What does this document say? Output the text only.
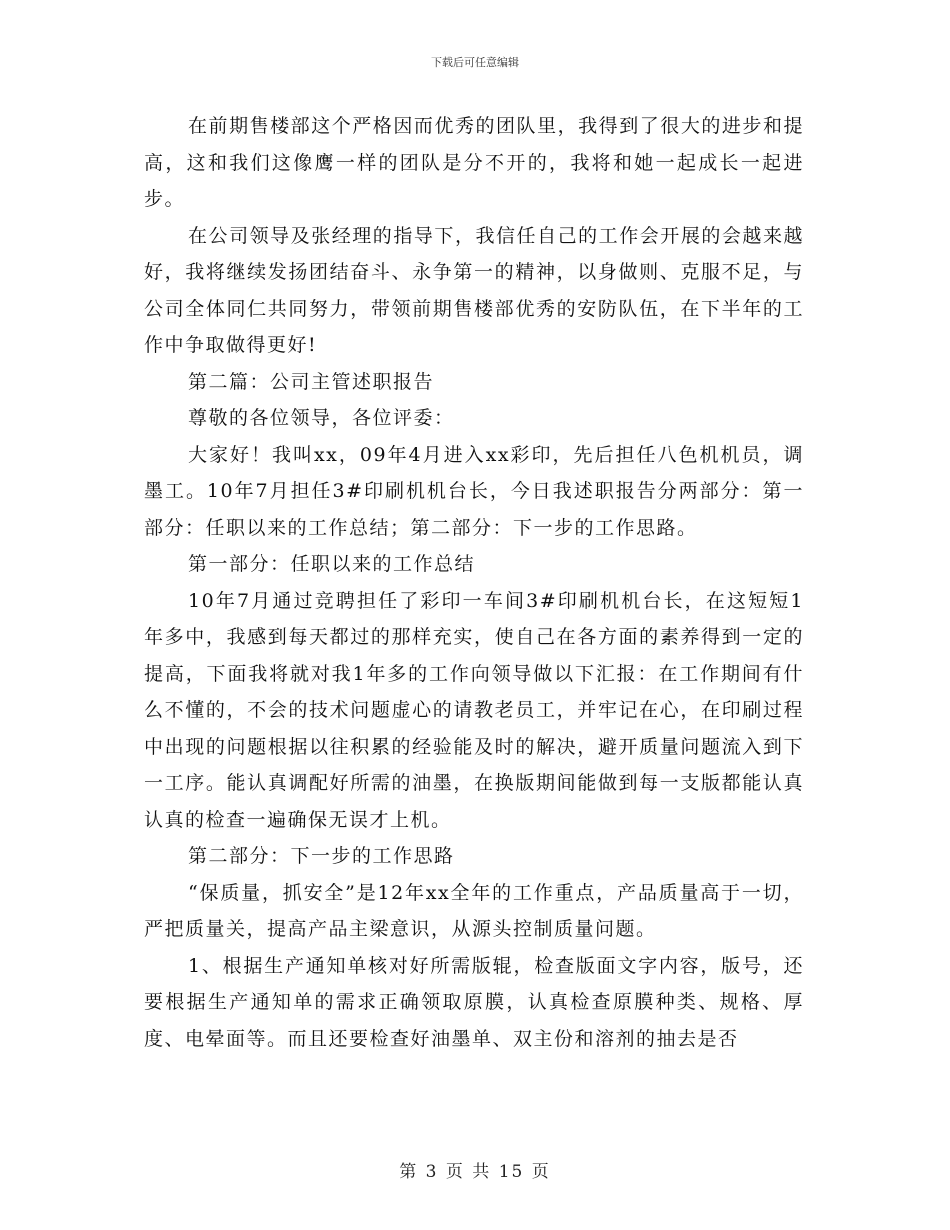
下载后可任意编辑

在前期售楼部这个严格因而优秀的团队里，我得到了很大的进步和提高，这和我们这像鹰一样的团队是分不开的，我将和她一起成长一起进步。

在公司领导及张经理的指导下，我信任自己的工作会开展的会越来越好，我将继续发扬团结奋斗、永争第一的精神，以身做则、克服不足，与公司全体同仁共同努力，带领前期售楼部优秀的安防队伍，在下半年的工作中争取做得更好!

第二篇：公司主管述职报告

尊敬的各位领导，各位评委：

大家好！我叫xx，09年4月进入xx彩印，先后担任八色机机员，调墨工。10年7月担任3#印刷机机台长，今日我述职报告分两部分：第一部分：任职以来的工作总结；第二部分：下一步的工作思路。

第一部分：任职以来的工作总结

10年7月通过竞聘担任了彩印一车间3#印刷机机台长，在这短短1年多中，我感到每天都过的那样充实，使自己在各方面的素养得到一定的提高，下面我将就对我1年多的工作向领导做以下汇报：在工作期间有什么不懂的，不会的技术问题虚心的请教老员工，并牢记在心，在印刷过程中出现的问题根据以往积累的经验能及时的解决，避开质量问题流入到下一工序。能认真调配好所需的油墨，在换版期间能做到每一支版都能认真认真的检查一遍确保无误才上机。

第二部分：下一步的工作思路

“保质量，抓安全”是12年xx全年的工作重点，产品质量高于一切，严把质量关，提高产品主梁意识，从源头控制质量问题。

1、根据生产通知单核对好所需版辊，检查版面文字内容，版号，还要根据生产通知单的需求正确领取原膜，认真检查原膜种类、规格、厚度、电晕面等。而且还要检查好油墨单、双主份和溶剂的抽去是否

第 3 页 共 15 页
